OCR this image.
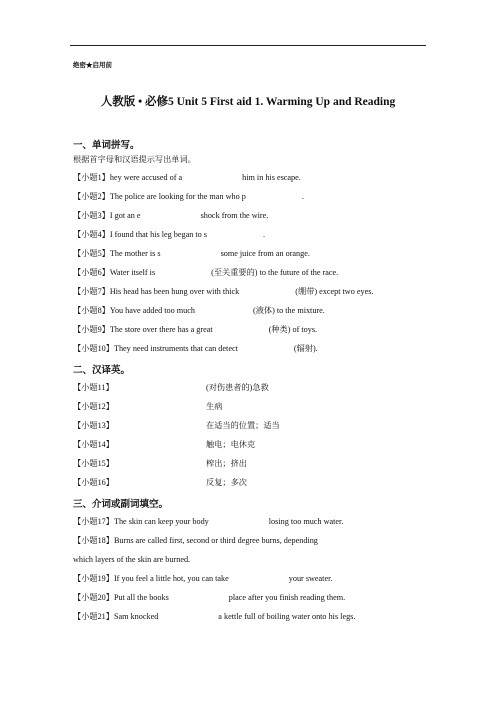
绝密★启用前
人教版 • 必修5 Unit 5 First aid 1. Warming Up and Reading
一、单词拼写。
根据首字母和汉语提示写出单词。
【小题1】hey were accused of a	him in his escape.
【小题2】The police are looking for the man who p	.
【小题3】I got an e	shock from the wire.
【小题4】I found that his leg began to s	.
【小题5】The mother is s	some juice from an orange.
【小题6】Water itself is	(至关重要的) to the future of the race.
【小题7】His head has been hung over with thick	(绷带) except two eyes.
【小题8】You have added too much	(液体) to the mixture.
【小题9】The store over there has a great	(种类) of toys.
【小题10】They need instruments that can detect	(辐射).
二、汉译英。
【小题11】	(对伤患者的)急救
【小题12】	生病
【小题13】	在适当的位置；适当
【小题14】	触电；电休克
【小题15】	榨出；挤出
【小题16】	反复；多次
三、介词或副词填空。
【小题17】The skin can keep your body	losing too much water.
【小题18】Burns are called first, second or third degree burns, depending
which layers of the skin are burned.
【小题19】If you feel a little hot, you can take	your sweater.
【小题20】Put all the books	place after you finish reading them.
【小题21】Sam knocked	a kettle full of boiling water onto his legs.
